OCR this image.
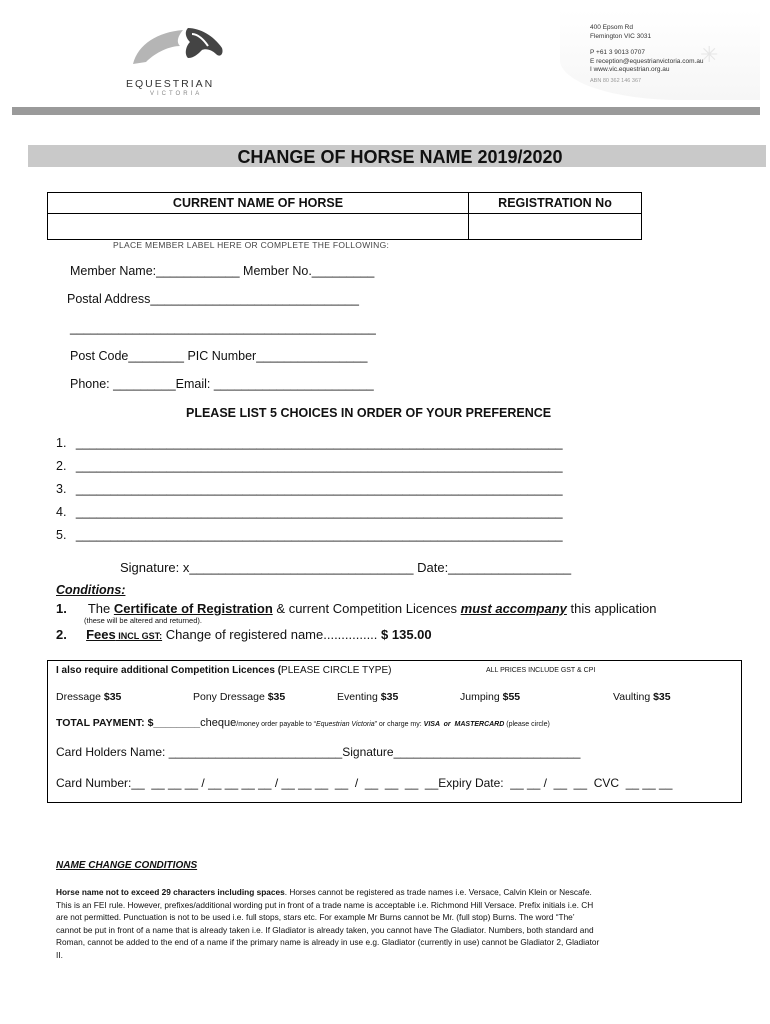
EQUESTRIAN
VICTORIA
400 Epsom Rd
Flemington VIC 3031
P +61 3 9013 0707
E reception@equestrianvictoria.com.au
I www.vic.equestrian.org.au
ABN 80 362 146 367
CHANGE OF HORSE NAME 2019/2020
CURRENT NAME OF HORSE	REGISTRATION No

PLACE MEMBER LABEL HERE OR COMPLETE THE FOLLOWING:
Member Name:____________ Member No._________
Postal Address______________________________
____________________________________________
Post Code________ PIC Number________________
Phone: _________Email: _______________________
PLEASE LIST 5 CHOICES IN ORDER OF YOUR PREFERENCE
1. ______________________________________________________________________
2. ______________________________________________________________________
3. ______________________________________________________________________
4. ______________________________________________________________________
5. ______________________________________________________________________
Signature: x_______________________________ Date:_________________
Conditions:
1. The Certificate of Registration & current Competition Licences must accompany this application
(these will be altered and returned).
2. Fees INCL GST: Change of registered name............... $ 135.00
I also require additional Competition Licences (PLEASE CIRCLE TYPE)	ALL PRICES INCLUDE GST & CPI
Dressage $35	Pony Dressage $35	Eventing $35	Jumping $55	Vaulting $35
TOTAL PAYMENT: $________cheque/money order payable to “Equestrian Victoria” or charge my: VISA  or  MASTERCARD (please circle)
Card Holders Name: __________________________Signature____________________________
Card Number:__  __ __ __ / __ __ __ __ / __ __ __  __  /  __  __  __  __Expiry Date:  __ __ /  __  __  CVC  __ __ __
NAME CHANGE CONDITIONS
Horse name not to exceed 29 characters including spaces. Horses cannot be registered as trade names i.e. Versace, Calvin Klein or Nescafe.
This is an FEI rule. However, prefixes/additional wording put in front of a trade name is acceptable i.e. Richmond Hill Versace. Prefix initials i.e. CH
are not permitted. Punctuation is not to be used i.e. full stops, stars etc. For example Mr Burns cannot be Mr. (full stop) Burns. The word “The’
cannot be put in front of a name that is already taken i.e. If Gladiator is already taken, you cannot have The Gladiator. Numbers, both standard and
Roman, cannot be added to the end of a name if the primary name is already in use e.g. Gladiator (currently in use) cannot be Gladiator 2, Gladiator
II.
